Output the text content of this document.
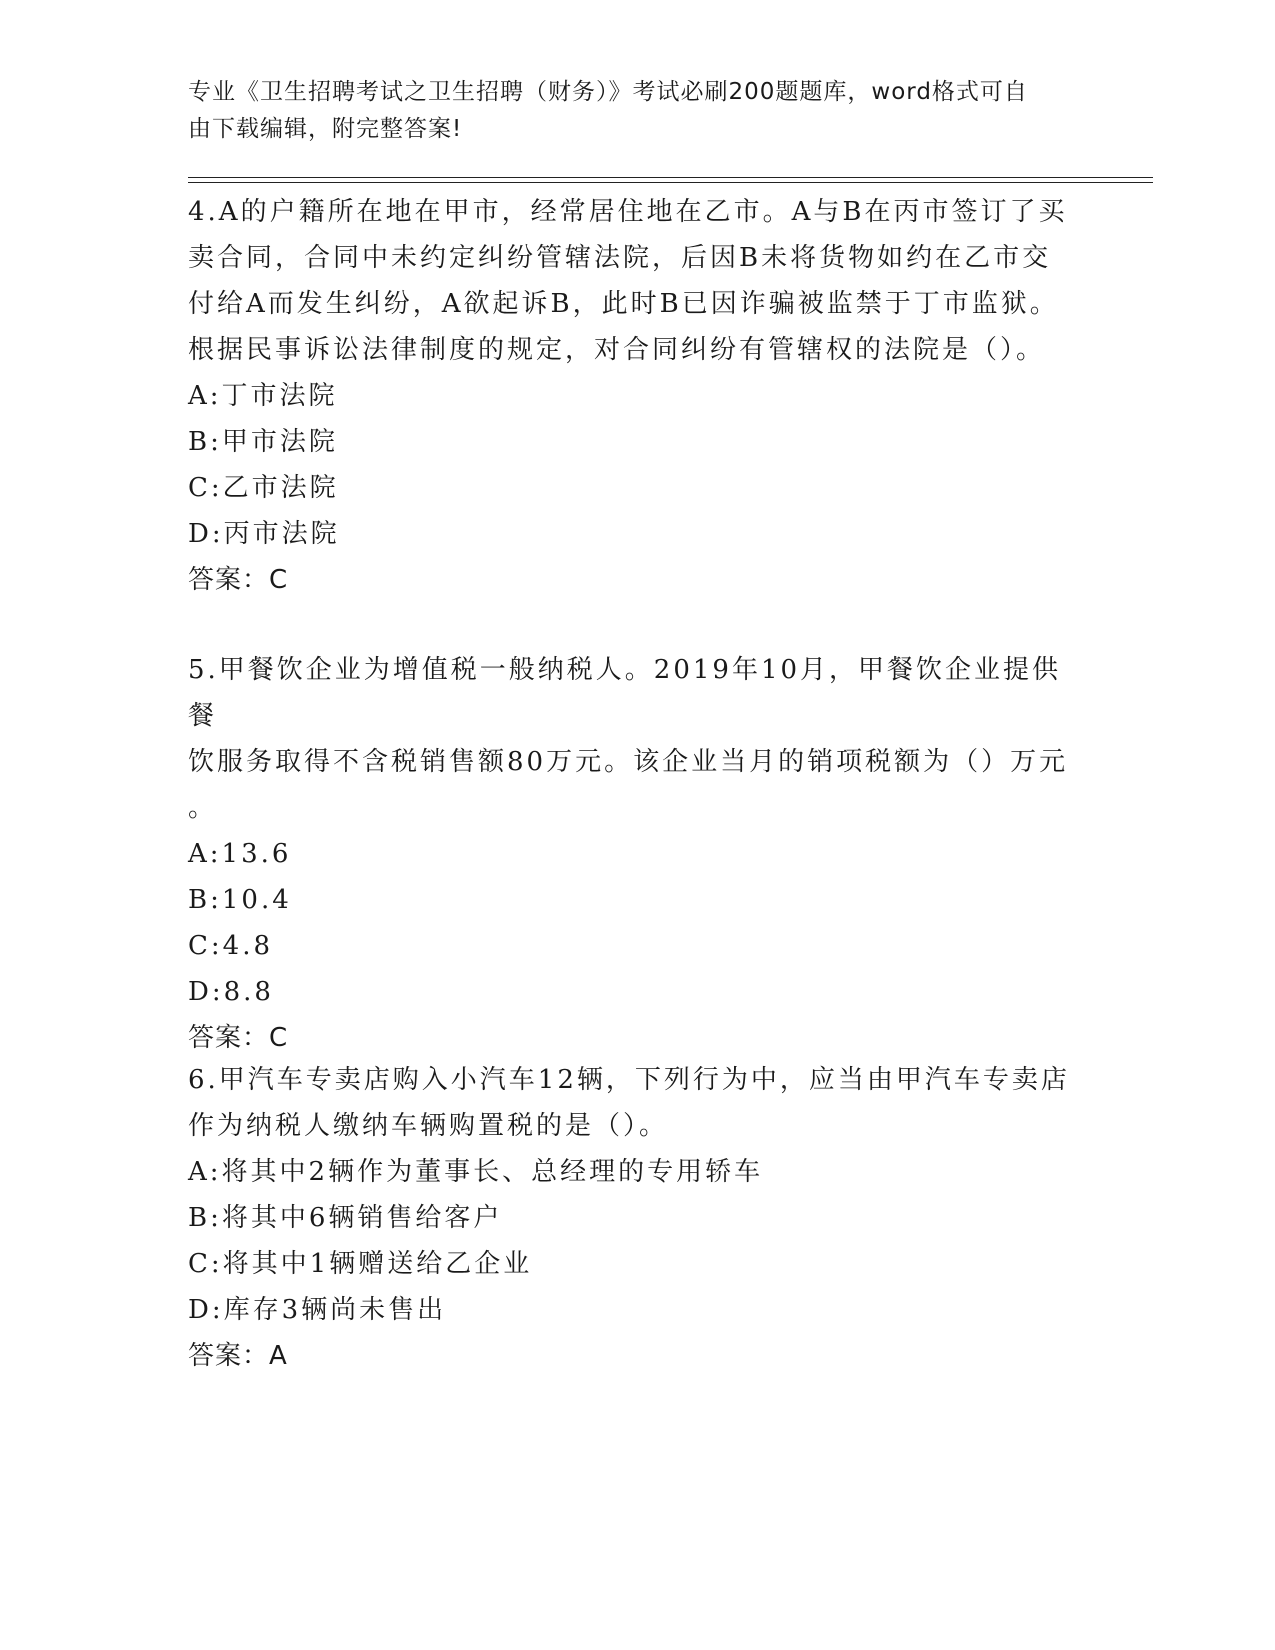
专业《卫生招聘考试之卫生招聘（财务）》考试必刷200题题库，word格式可自
由下载编辑，附完整答案!

4.A的户籍所在地在甲市，经常居住地在乙市。A与B在丙市签订了买

卖合同，合同中未约定纠纷管辖法院，后因B未将货物如约在乙市交

付给A而发生纠纷，A欲起诉B，此时B已因诈骗被监禁于丁市监狱。

根据民事诉讼法律制度的规定，对合同纠纷有管辖权的法院是（）。

A:丁市法院

B:甲市法院

C:乙市法院

D:丙市法院

答案：C

5.甲餐饮企业为增值税一般纳税人。2019年10月，甲餐饮企业提供餐

饮服务取得不含税销售额80万元。该企业当月的销项税额为（）万元

。

A:13.6

B:10.4

C:4.8

D:8.8

答案：C

6.甲汽车专卖店购入小汽车12辆，下列行为中，应当由甲汽车专卖店

作为纳税人缴纳车辆购置税的是（）。

A:将其中2辆作为董事长、总经理的专用轿车

B:将其中6辆销售给客户

C:将其中1辆赠送给乙企业

D:库存3辆尚未售出

答案：A
